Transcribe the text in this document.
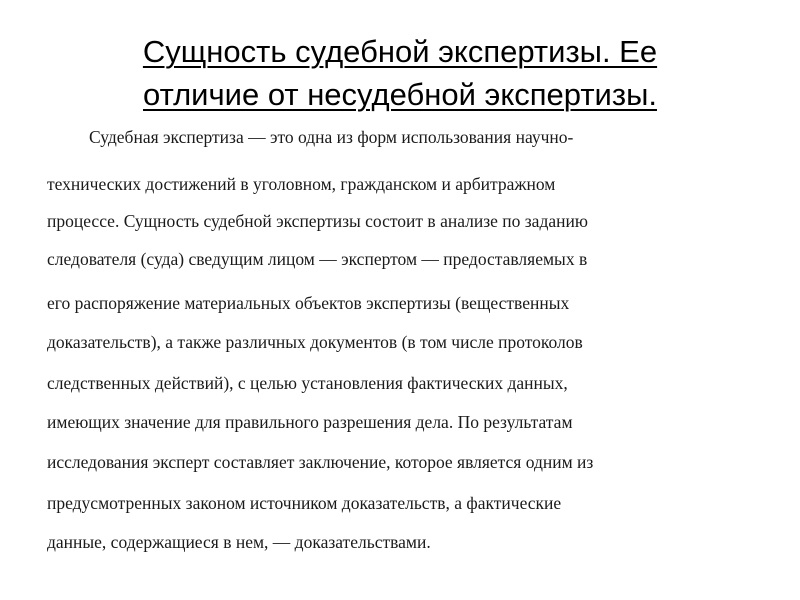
Сущность судебной экспертизы. Ее
отличие от несудебной экспертизы.
Судебная экспертиза — это одна из форм использования научно-
технических достижений в уголовном, гражданском и арбитражном
процессе. Сущность судебной экспертизы состоит в анализе по заданию
следователя (суда) сведущим лицом — экспертом — предоставляемых в
его распоряжение материальных объектов экспертизы (вещественных
доказательств), а также различных документов (в том числе протоколов
следственных действий), с целью установления фактических данных,
имеющих значение для правильного разрешения дела. По результатам
исследования эксперт составляет заключение, которое является одним из
предусмотренных законом источником доказательств, а фактические
данные, содержащиеся в нем, — доказательствами.
